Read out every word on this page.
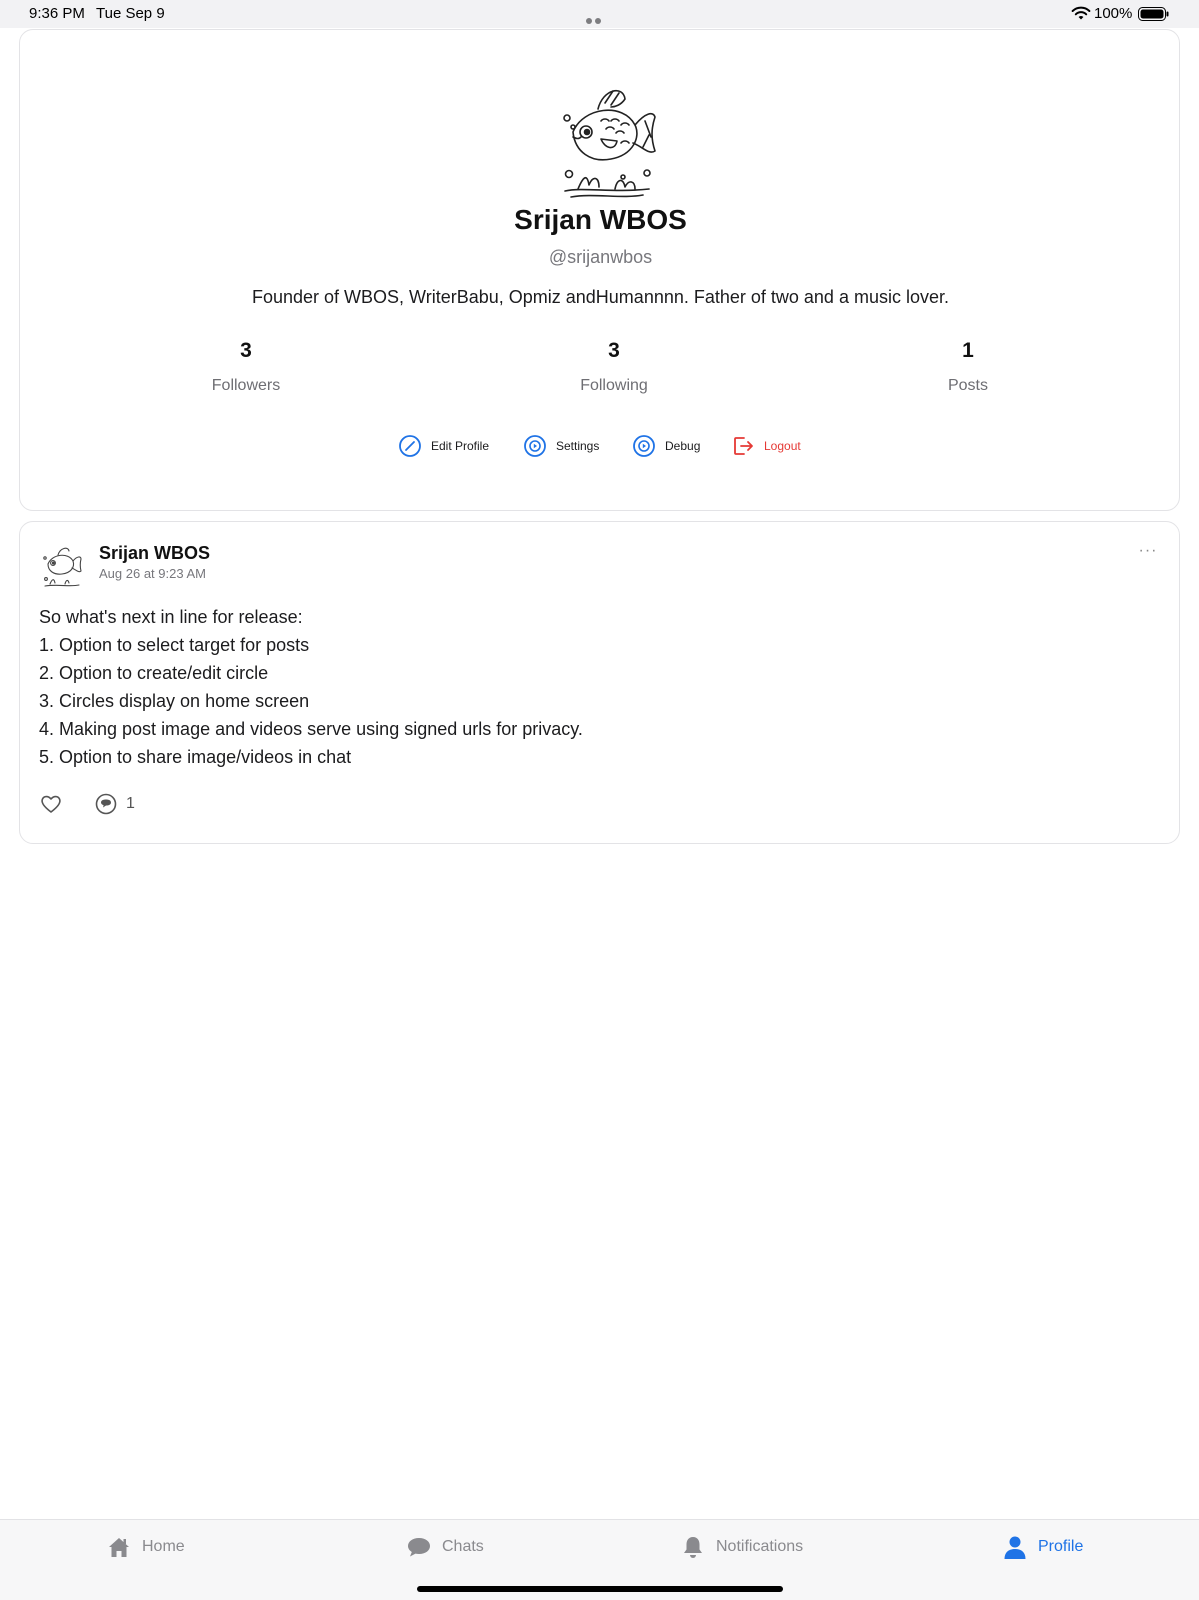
9:36 PM Tue Sep 9	100%
Srijan WBOS
@srijanwbos
Founder of WBOS, WriterBabu, Opmiz andHumannnn. Father of two and a music lover.
3
Followers
3
Following
1
Posts
Edit Profile	Settings	Debug	Logout
Srijan WBOS
Aug 26 at 9:23 AM
···
So what's next in line for release:
1. Option to select target for posts
2. Option to create/edit circle
3. Circles display on home screen
4. Making post image and videos serve using signed urls for privacy.
5. Option to share image/videos in chat
1
Home	Chats	Notifications	Profile
